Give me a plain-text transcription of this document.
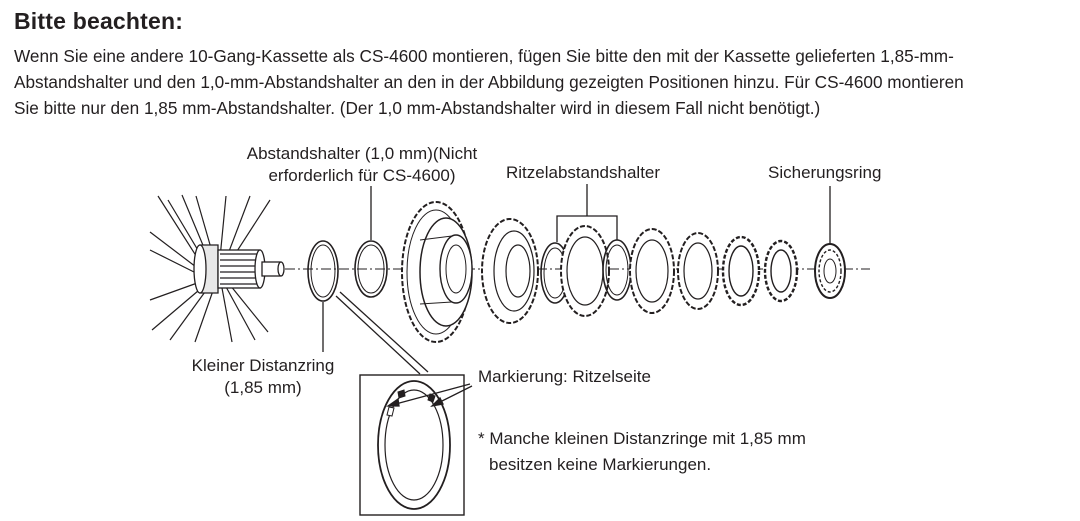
Bitte beachten:
Wenn Sie eine andere 10-Gang-Kassette als CS-4600 montieren, fügen Sie bitte den mit der Kassette gelieferten 1,85-mm-
Abstandshalter und den 1,0-mm-Abstandshalter an den in der Abbildung gezeigten Positionen hinzu. Für CS-4600 montieren
Sie bitte nur den 1,85 mm-Abstandshalter. (Der 1,0 mm-Abstandshalter wird in diesem Fall nicht benötigt.)
Abstandshalter (1,0 mm)(Nicht
erforderlich für CS-4600)	Ritzelabstandshalter	Sicherungsring
Kleiner Distanzring
(1,85 mm)
Markierung: Ritzelseite
* Manche kleinen Distanzringe mit 1,85 mm
besitzen keine Markierungen.
